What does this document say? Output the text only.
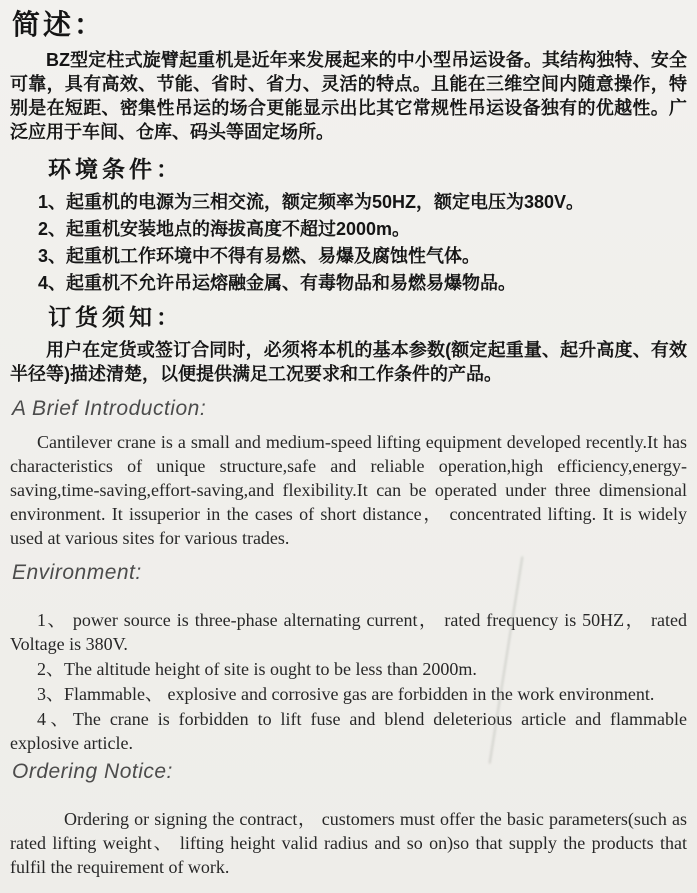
简述：

BZ型定柱式旋臂起重机是近年来发展起来的中小型吊运设备。其结构独特、安全可靠，具有高效、节能、省时、省力、灵活的特点。且能在三维空间内随意操作，特别是在短距、密集性吊运的场合更能显示出比其它常规性吊运设备独有的优越性。广泛应用于车间、仓库、码头等固定场所。

环境条件：

1、起重机的电源为三相交流，额定频率为50HZ，额定电压为380V。

2、起重机安装地点的海拔高度不超过2000m。

3、起重机工作环境中不得有易燃、易爆及腐蚀性气体。

4、起重机不允许吊运熔融金属、有毒物品和易燃易爆物品。

订货须知：

用户在定货或签订合同时，必须将本机的基本参数(额定起重量、起升高度、有效半径等)描述清楚，以便提供满足工况要求和工作条件的产品。

A Brief Introduction:

Cantilever crane is a small and medium-speed lifting equipment developed recently.It has characteristics of unique structure,safe and reliable operation,high efficiency,energy-saving,time-saving,effort-saving,and flexibility.It can be operated under three dimensional environment. It issuperior in the cases of short distance， concentrated lifting. It is widely used at various sites for various trades.

Environment:

1、 power source is three-phase alternating current， rated frequency is 50HZ， rated Voltage is 380V.

2、The altitude height of site is ought to be less than 2000m.

3、Flammable、 explosive and corrosive gas are forbidden in the work environment.

4、The crane is forbidden to lift fuse and blend deleterious article and flammable explosive article.

Ordering Notice:

Ordering or signing the contract， customers must offer the basic parameters(such as rated lifting weight、 lifting height valid radius and so on)so that supply the products that fulfil the requirement of work.
